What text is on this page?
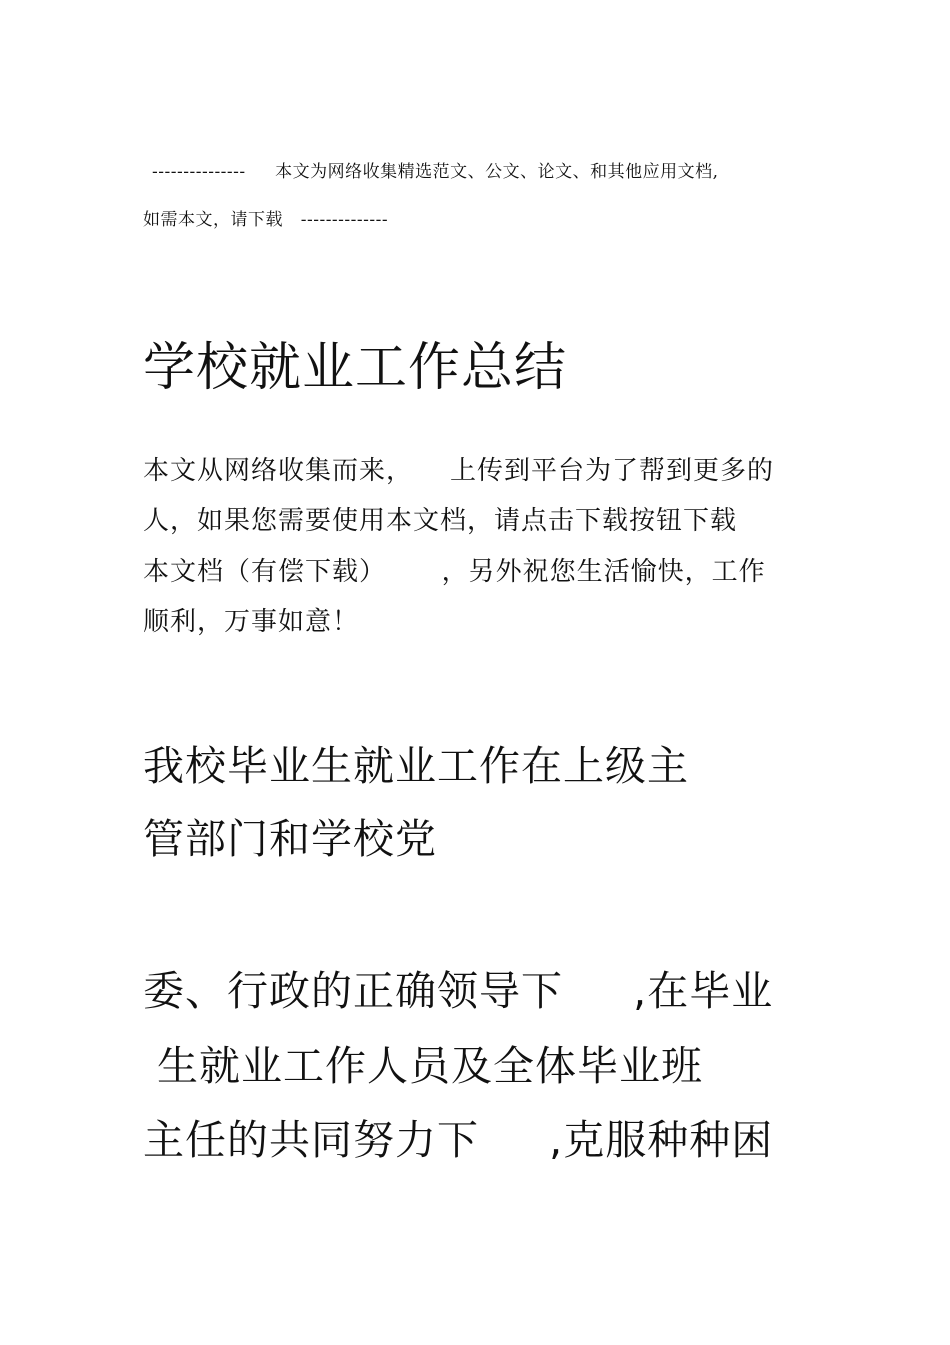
---------------     本文为网络收集精选范文、公文、论文、和其他应用文档,
如需本文，请下载   --------------
学校就业工作总结
本文从网络收集而来，    上传到平台为了帮到更多的
人，如果您需要使用本文档，请点击下载按钮下载
本文档（有偿下载）      ，另外祝您生活愉快，工作
顺利，万事如意！
我校毕业生就业工作在上级主
管部门和学校党
委、行政的正确领导下     ,在毕业
生就业工作人员及全体毕业班
主任的共同努力下     ,克服种种困
